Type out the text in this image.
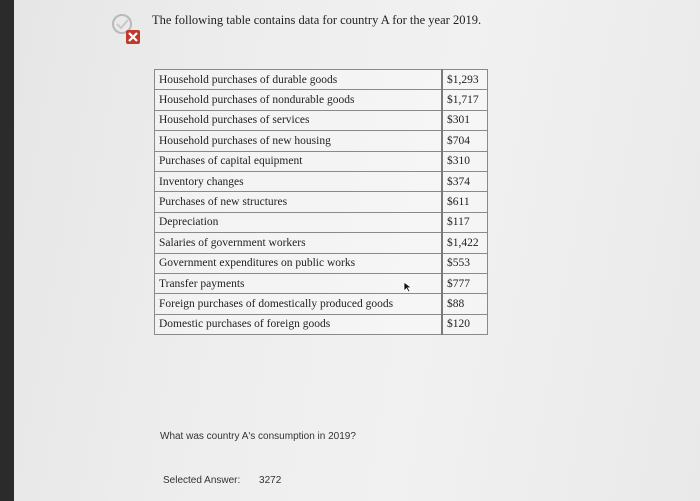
The following table contains data for country A for the year 2019.
Household purchases of durable goods	$1,293
Household purchases of nondurable goods	$1,717
Household purchases of services	$301
Household purchases of new housing	$704
Purchases of capital equipment	$310
Inventory changes	$374
Purchases of new structures	$611
Depreciation	$117
Salaries of government workers	$1,422
Government expenditures on public works	$553
Transfer payments	$777
Foreign purchases of domestically produced goods	$88
Domestic purchases of foreign goods	$120
What was country A's consumption in 2019?
Selected Answer: 3272
